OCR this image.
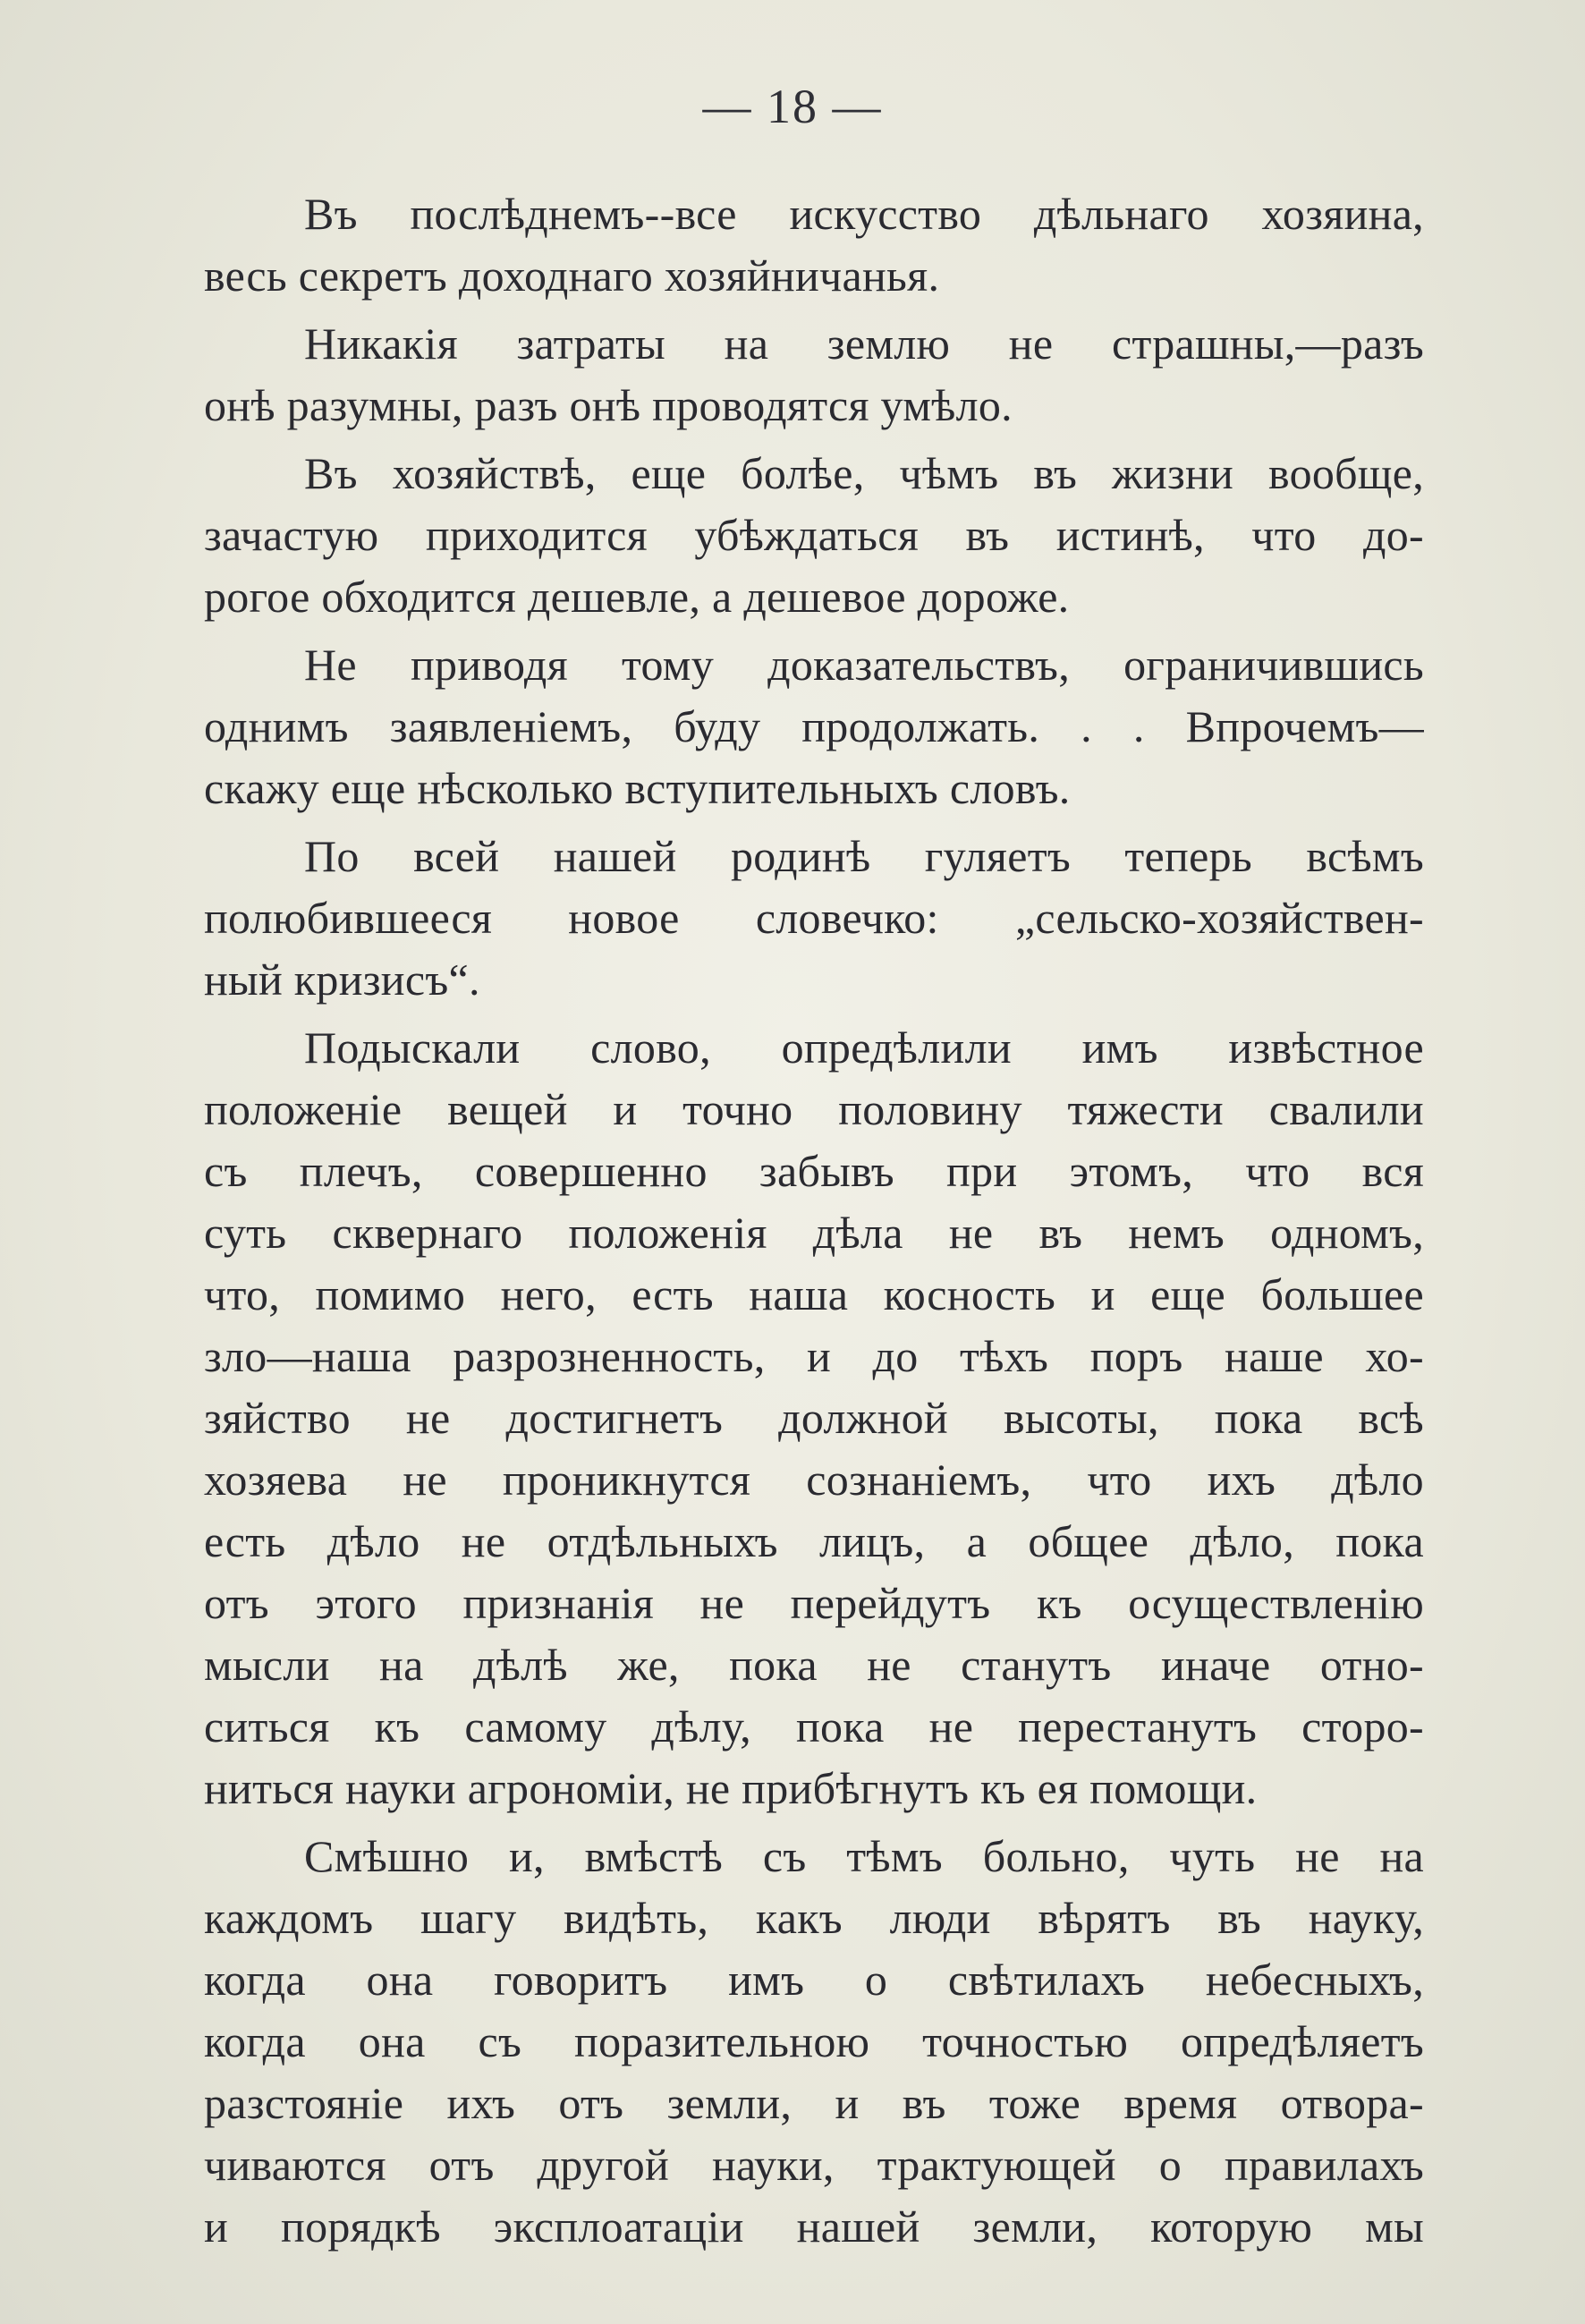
— 18 —
Въ послѣднемъ--все искусство дѣльнаго хозяина,
весь секретъ доходнаго хозяйничанья.
Никакія затраты на землю не страшны,—разъ
онѣ разумны, разъ онѣ проводятся умѣло.
Въ хозяйствѣ, еще болѣе, чѣмъ въ жизни вообще,
зачастую приходится убѣждаться въ истинѣ, что до-
рогое обходится дешевле, а дешевое дороже.
Не приводя тому доказательствъ, ограничившись
однимъ заявленіемъ, буду продолжать. . . Впрочемъ—
скажу еще нѣсколько вступительныхъ словъ.
По всей нашей родинѣ гуляетъ теперь всѣмъ
полюбившееся новое словечко: „сельско-хозяйствен-
ный кризисъ“.
Подыскали слово, опредѣлили имъ извѣстное
положеніе вещей и точно половину тяжести свалили
съ плечъ, совершенно забывъ при этомъ, что вся
суть сквернаго положенія дѣла не въ немъ одномъ,
что, помимо него, есть наша косность и еще большее
зло—наша разрозненность, и до тѣхъ поръ наше хо-
зяйство не достигнетъ должной высоты, пока всѣ
хозяева не проникнутся сознаніемъ, что ихъ дѣло
есть дѣло не отдѣльныхъ лицъ, а общее дѣло, пока
отъ этого признанія не перейдутъ къ осуществленію
мысли на дѣлѣ же, пока не станутъ иначе отно-
ситься къ самому дѣлу, пока не перестанутъ сторо-
ниться науки агрономіи, не прибѣгнутъ къ ея помощи.
Смѣшно и, вмѣстѣ съ тѣмъ больно, чуть не на
каждомъ шагу видѣть, какъ люди вѣрятъ въ науку,
когда она говоритъ имъ о свѣтилахъ небесныхъ,
когда она съ поразительною точностью опредѣляетъ
разстояніе ихъ отъ земли, и въ тоже время отвора-
чиваются отъ другой науки, трактующей о правилахъ
и порядкѣ эксплоатаціи нашей земли, которую мы
